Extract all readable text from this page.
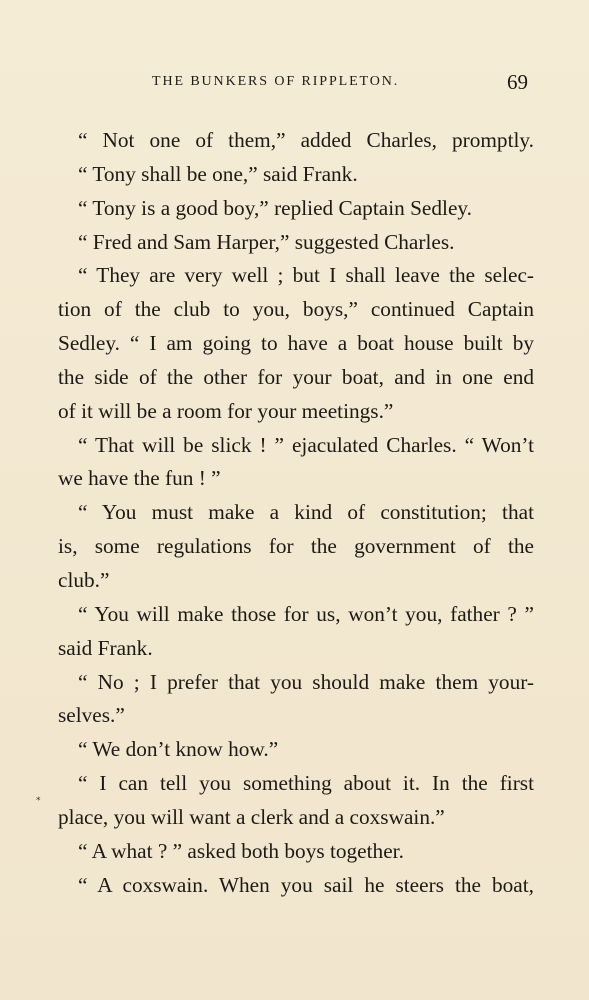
THE BUNKERS OF RIPPLETON.	69
*
“ Not one of them,” added Charles, promptly.
“ Tony shall be one,” said Frank.
“ Tony is a good boy,” replied Captain Sedley.
“ Fred and Sam Harper,” suggested Charles.
“ They are very well ; but I shall leave the selec-
tion of the club to you, boys,” continued Captain
Sedley. “ I am going to have a boat house built by
the side of the other for your boat, and in one end
of it will be a room for your meetings.”
“ That will be slick ! ” ejaculated Charles. “ Won’t
we have the fun ! ”
“ You must make a kind of constitution; that
is, some regulations for the government of the
club.”
“ You will make those for us, won’t you, father ? ”
said Frank.
“ No ; I prefer that you should make them your-
selves.”
“ We don’t know how.”
“ I can tell you something about it. In the first
place, you will want a clerk and a coxswain.”
“ A what ? ” asked both boys together.
“ A coxswain. When you sail he steers the boat,
